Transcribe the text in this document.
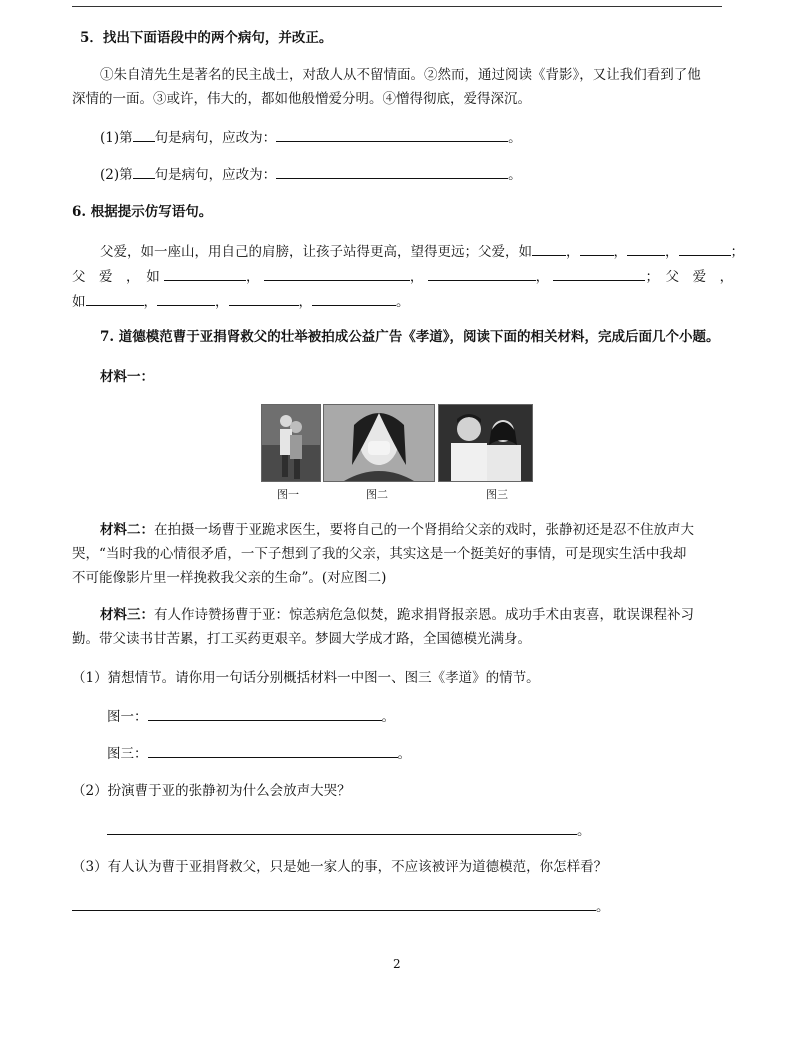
5．找出下面语段中的两个病句，并改正。
①朱自清先生是著名的民主战士，对敌人从不留情面。②然而，通过阅读《背影》，又让我们看到了他
深情的一面。③或许，伟大的，都如他般憎爱分明。④憎得彻底，爱得深沉。
(1)第 句是病句，应改为：	。
(2)第 句是病句，应改为：	。
6. 根据提示仿写语句。
父爱，如一座山，用自己的肩膀，让孩子站得更高，望得更远；父爱，如	，	，	，	；
父　爱　，　如	，	，	，	；　父　爱　，
如	，	，	，	。
7. 道德模范曹于亚捐肾救父的壮举被拍成公益广告《孝道》，阅读下面的相关材料，完成后面几个小题。
材料一：
图一	图二	图三
材料二：在拍摄一场曹于亚跪求医生，要将自己的一个肾捐给父亲的戏时，张静初还是忍不住放声大
哭，“当时我的心情很矛盾，一下子想到了我的父亲，其实这是一个挺美好的事情，可是现实生活中我却
不可能像影片里一样挽救我父亲的生命”。(对应图二)
材料三：有人作诗赞扬曹于亚：惊恙病危急似焚，跪求捐肾报亲恩。成功手术由衷喜，耽误课程补习
勤。带父读书甘苦累，打工买药更艰辛。梦圆大学成才路，全国德模光满身。
（1）猜想情节。请你用一句话分别概括材料一中图一、图三《孝道》的情节。
图一：	。
图三：	。
（2）扮演曹于亚的张静初为什么会放声大哭？
。
（3）有人认为曹于亚捐肾救父，只是她一家人的事，不应该被评为道德模范，你怎样看？
。
2
